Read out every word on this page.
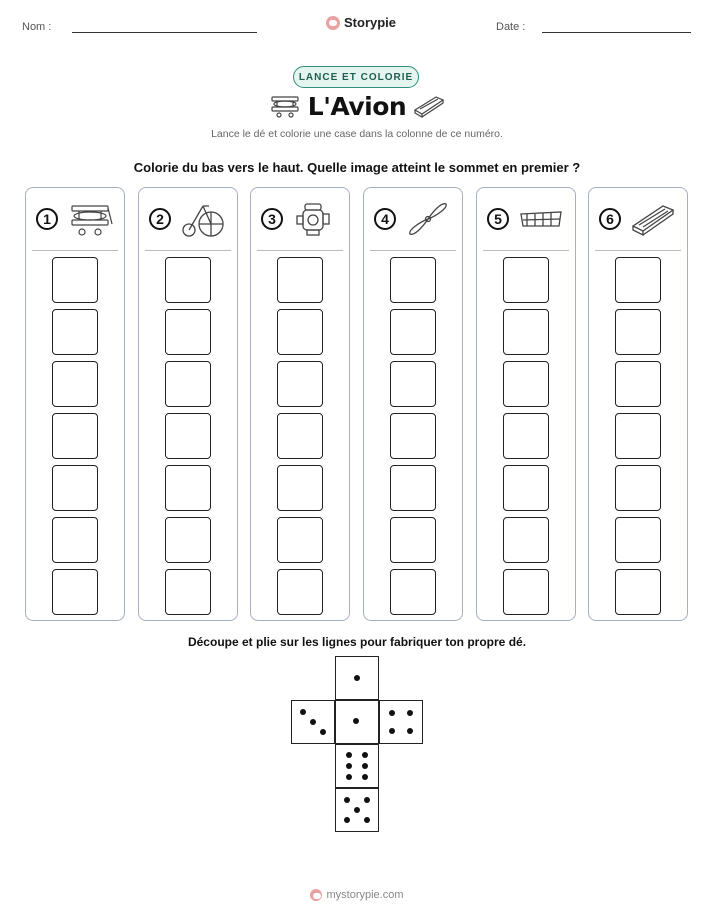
Nom :	Storypie	Date :
LANCE ET COLORIE
L'Avion
Lance le dé et colorie une case dans la colonne de ce numéro.
Colorie du bas vers le haut. Quelle image atteint le sommet en premier ?
1	2	3	4	5	6
Découpe et plie sur les lignes pour fabriquer ton propre dé.
mystorypie.com
